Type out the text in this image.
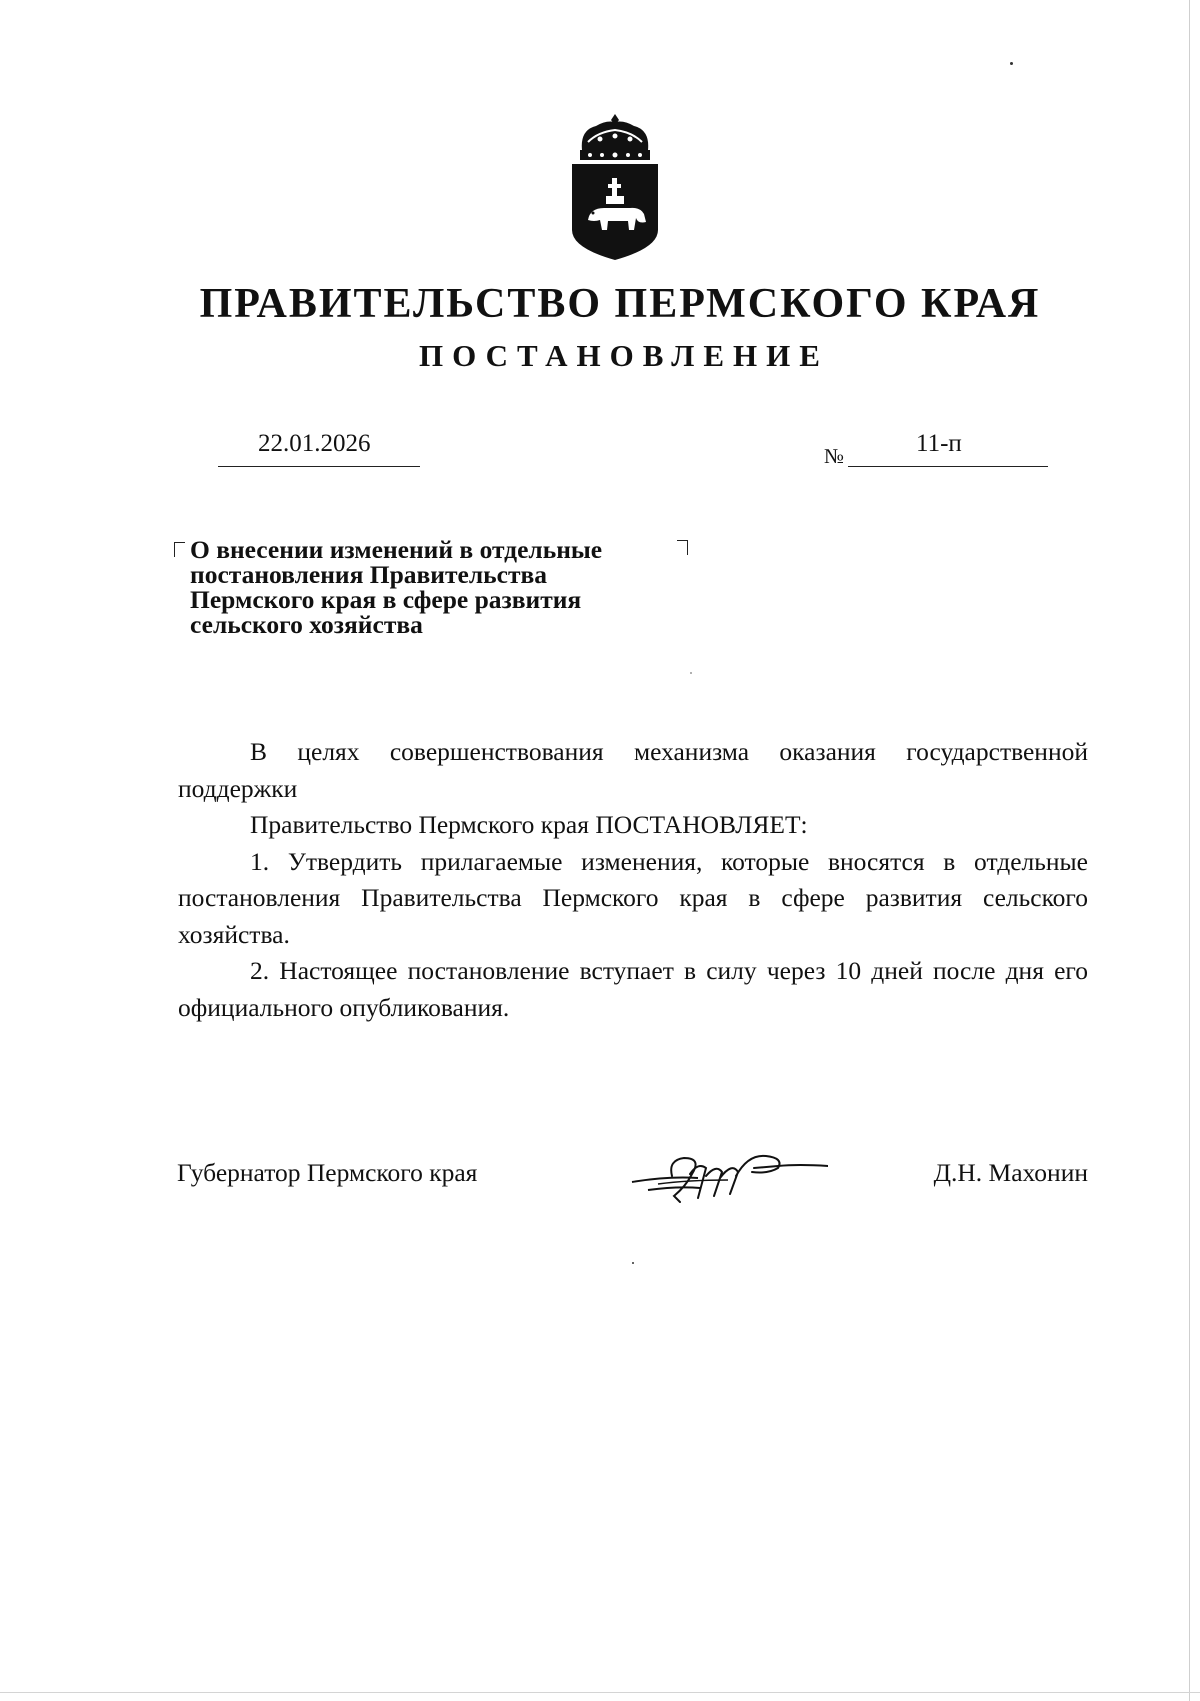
ПРАВИТЕЛЬСТВО ПЕРМСКОГО КРАЯ
ПОСТАНОВЛЕНИЕ
22.01.2026	№	11-п
О внесении изменений в отдельные
постановления Правительства
Пермского края в сфере развития
сельского хозяйства

В целях совершенствования механизма оказания государственной поддержки

Правительство Пермского края ПОСТАНОВЛЯЕТ:

1. Утвердить прилагаемые изменения, которые вносятся в отдельные постановления Правительства Пермского края в сфере развития сельского хозяйства.

2. Настоящее постановление вступает в силу через 10 дней после дня его официального опубликования.

Губернатор Пермского края	Д.Н. Махонин
